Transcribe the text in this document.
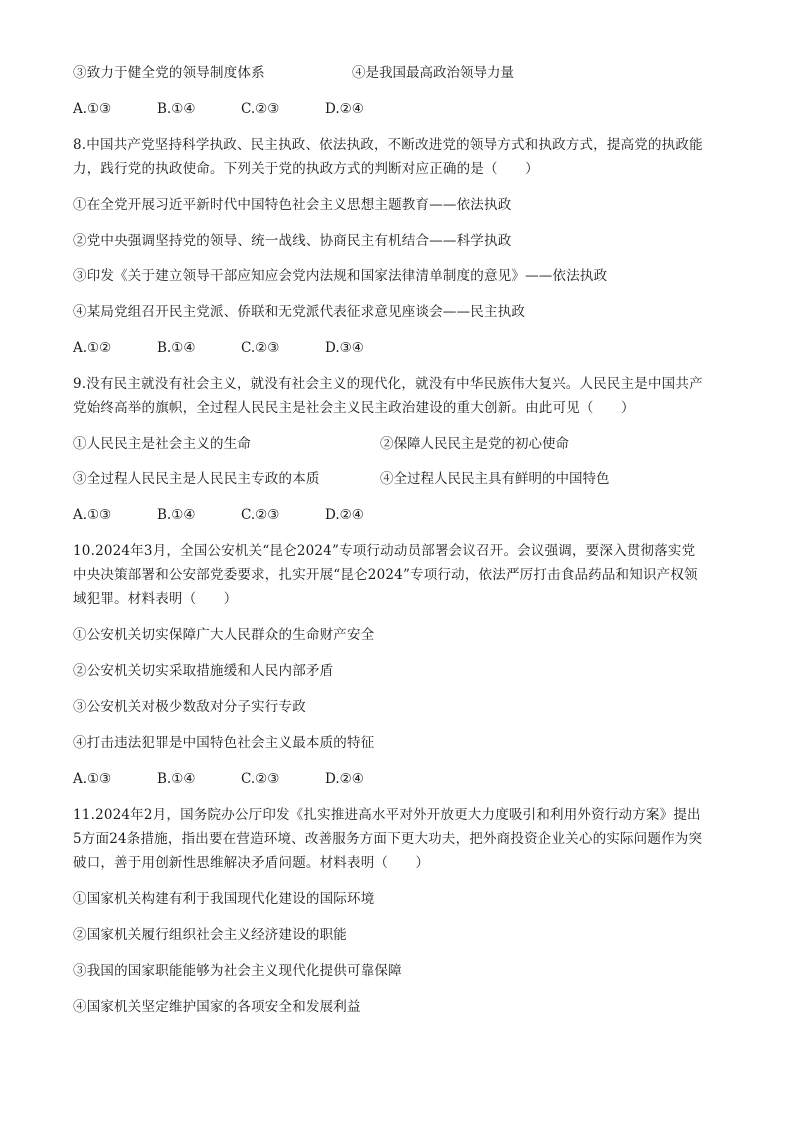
③致力于健全党的领导制度体系	④是我国最高政治领导力量
A.①③	B.①④	C.②③	D.②④
8.中国共产党坚持科学执政、民主执政、依法执政，不断改进党的领导方式和执政方式，提高党的执政能
力，践行党的执政使命。下列关于党的执政方式的判断对应正确的是（　　）
①在全党开展习近平新时代中国特色社会主义思想主题教育——依法执政
②党中央强调坚持党的领导、统一战线、协商民主有机结合——科学执政
③印发《关于建立领导干部应知应会党内法规和国家法律清单制度的意见》——依法执政
④某局党组召开民主党派、侨联和无党派代表征求意见座谈会——民主执政
A.①②	B.①④	C.②③	D.③④
9.没有民主就没有社会主义，就没有社会主义的现代化，就没有中华民族伟大复兴。人民民主是中国共产
党始终高举的旗帜，全过程人民民主是社会主义民主政治建设的重大创新。由此可见（　　）
①人民民主是社会主义的生命	②保障人民民主是党的初心使命
③全过程人民民主是人民民主专政的本质	④全过程人民民主具有鲜明的中国特色
A.①③	B.①④	C.②③	D.②④
10.2024年3月，全国公安机关“昆仑2024”专项行动动员部署会议召开。会议强调，要深入贯彻落实党
中央决策部署和公安部党委要求，扎实开展“昆仑2024”专项行动，依法严厉打击食品药品和知识产权领
域犯罪。材料表明（　　）
①公安机关切实保障广大人民群众的生命财产安全
②公安机关切实采取措施缓和人民内部矛盾
③公安机关对极少数敌对分子实行专政
④打击违法犯罪是中国特色社会主义最本质的特征
A.①③	B.①④	C.②③	D.②④
11.2024年2月，国务院办公厅印发《扎实推进高水平对外开放更大力度吸引和利用外资行动方案》提出
5方面24条措施，指出要在营造环境、改善服务方面下更大功夫，把外商投资企业关心的实际问题作为突
破口，善于用创新性思维解决矛盾问题。材料表明（　　）
①国家机关构建有利于我国现代化建设的国际环境
②国家机关履行组织社会主义经济建设的职能
③我国的国家职能能够为社会主义现代化提供可靠保障
④国家机关坚定维护国家的各项安全和发展利益
